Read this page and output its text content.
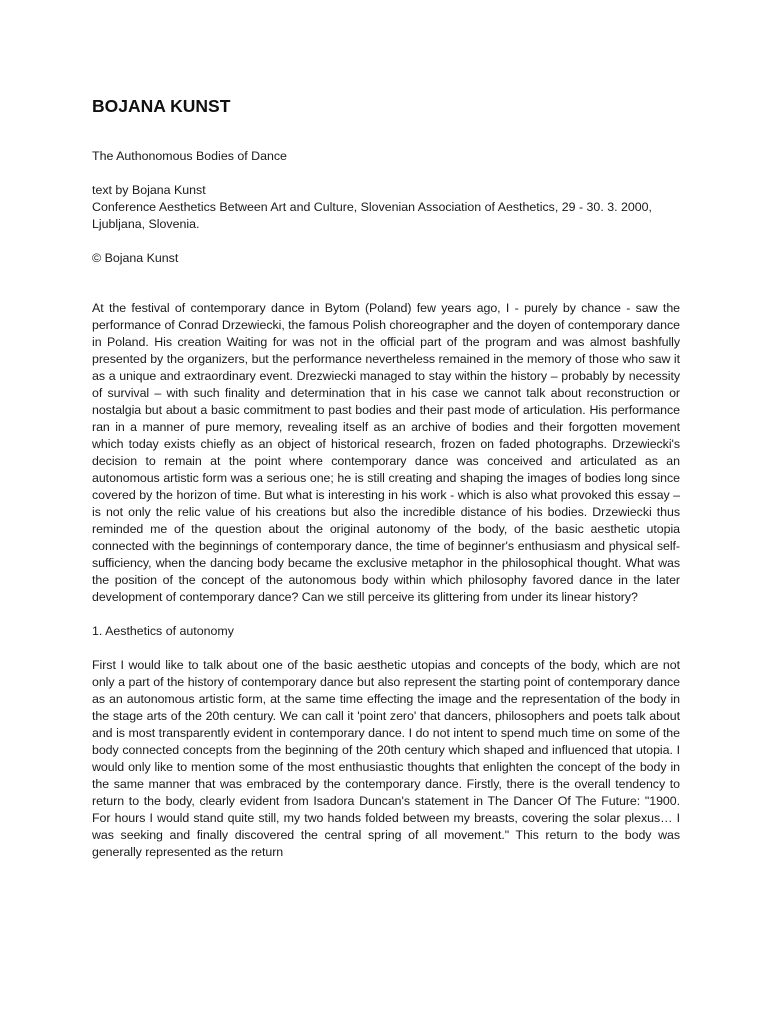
BOJANA KUNST

The Authonomous Bodies of Dance

text by Bojana Kunst
Conference Aesthetics Between Art and Culture, Slovenian Association of Aesthetics, 29 - 30. 3. 2000, Ljubljana, Slovenia.

© Bojana Kunst

At the festival of contemporary dance in Bytom (Poland) few years ago, I - purely by chance - saw the performance of Conrad Drzewiecki, the famous Polish choreographer and the doyen of contemporary dance in Poland. His creation Waiting for was not in the official part of the program and was almost bashfully presented by the organizers, but the performance nevertheless remained in the memory of those who saw it as a unique and extraordinary event. Drezwiecki managed to stay within the history – probably by necessity of survival – with such finality and determination that in his case we cannot talk about reconstruction or nostalgia but about a basic commitment to past bodies and their past mode of articulation. His performance ran in a manner of pure memory, revealing itself as an archive of bodies and their forgotten movement which today exists chiefly as an object of historical research, frozen on faded photographs. Drzewiecki's decision to remain at the point where contemporary dance was conceived and articulated as an autonomous artistic form was a serious one; he is still creating and shaping the images of bodies long since covered by the horizon of time. But what is interesting in his work - which is also what provoked this essay – is not only the relic value of his creations but also the incredible distance of his bodies. Drzewiecki thus reminded me of the question about the original autonomy of the body, of the basic aesthetic utopia connected with the beginnings of contemporary dance, the time of beginner's enthusiasm and physical self-sufficiency, when the dancing body became the exclusive metaphor in the philosophical thought. What was the position of the concept of the autonomous body within which philosophy favored dance in the later development of contemporary dance? Can we still perceive its glittering from under its linear history?

1. Aesthetics of autonomy

First I would like to talk about one of the basic aesthetic utopias and concepts of the body, which are not only a part of the history of contemporary dance but also represent the starting point of contemporary dance as an autonomous artistic form, at the same time effecting the image and the representation of the body in the stage arts of the 20th century. We can call it 'point zero' that dancers, philosophers and poets talk about and is most transparently evident in contemporary dance. I do not intent to spend much time on some of the body connected concepts from the beginning of the 20th century which shaped and influenced that utopia. I would only like to mention some of the most enthusiastic thoughts that enlighten the concept of the body in the same manner that was embraced by the contemporary dance. Firstly, there is the overall tendency to return to the body, clearly evident from Isadora Duncan's statement in The Dancer Of The Future: "1900. For hours I would stand quite still, my two hands folded between my breasts, covering the solar plexus… I was seeking and finally discovered the central spring of all movement." This return to the body was generally represented as the return
